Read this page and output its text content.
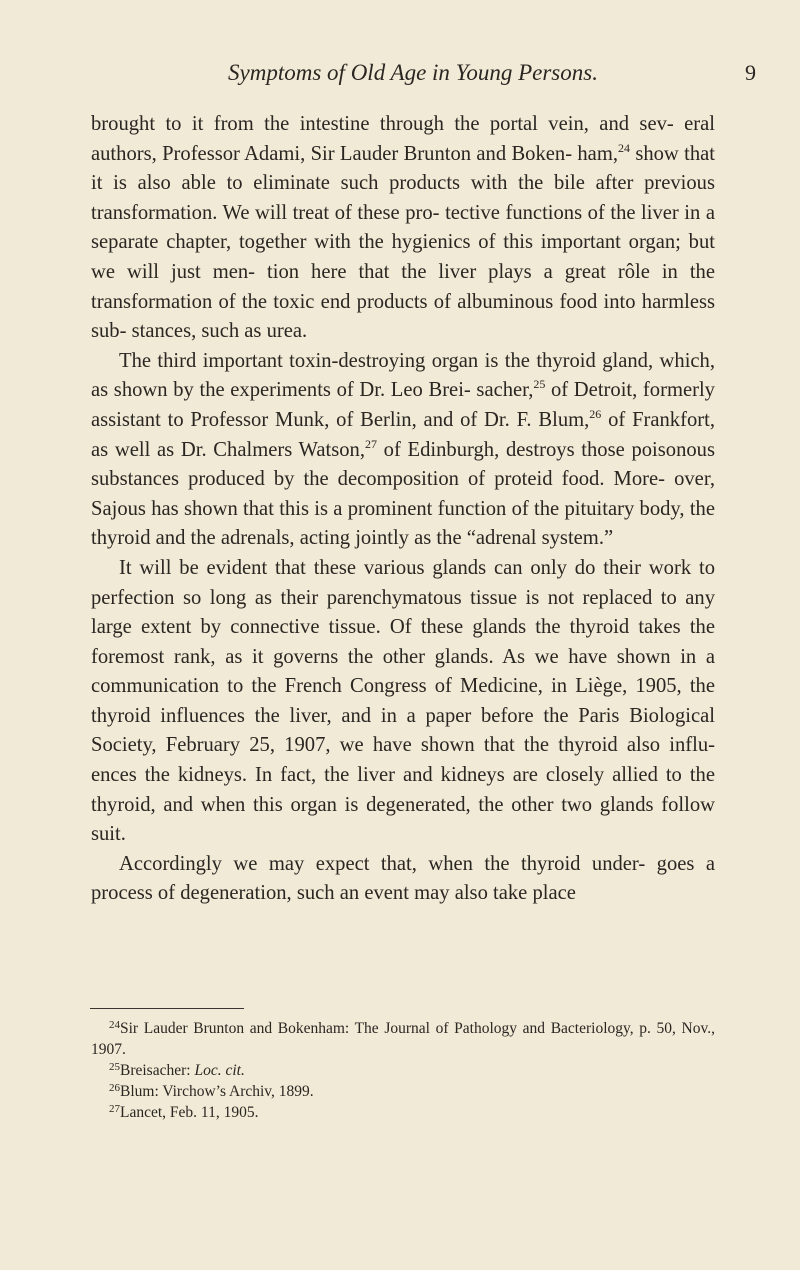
Symptoms of Old Age in Young Persons.	9

brought to it from the intestine through the portal vein, and sev- eral authors, Professor Adami, Sir Lauder Brunton and Boken- ham,$^{24}$ show that it is also able to eliminate such products with the bile after previous transformation. We will treat of these pro- tective functions of the liver in a separate chapter, together with the hygienics of this important organ; but we will just men- tion here that the liver plays a great rôle in the transformation of the toxic end products of albuminous food into harmless sub- stances, such as urea.

The third important toxin-destroying organ is the thyroid gland, which, as shown by the experiments of Dr. Leo Brei- sacher,$^{25}$ of Detroit, formerly assistant to Professor Munk, of Berlin, and of Dr. F. Blum,$^{26}$ of Frankfort, as well as Dr. Chalmers Watson,$^{27}$ of Edinburgh, destroys those poisonous substances produced by the decomposition of proteid food. More- over, Sajous has shown that this is a prominent function of the pituitary body, the thyroid and the adrenals, acting jointly as the “adrenal system.”

It will be evident that these various glands can only do their work to perfection so long as their parenchymatous tissue is not replaced to any large extent by connective tissue. Of these glands the thyroid takes the foremost rank, as it governs the other glands. As we have shown in a communication to the French Congress of Medicine, in Liège, 1905, the thyroid influences the liver, and in a paper before the Paris Biological Society, February 25, 1907, we have shown that the thyroid also influ- ences the kidneys. In fact, the liver and kidneys are closely allied to the thyroid, and when this organ is degenerated, the other two glands follow suit.

Accordingly we may expect that, when the thyroid under- goes a process of degeneration, such an event may also take place

$^{24}$Sir Lauder Brunton and Bokenham: The Journal of Pathology and Bacteriology, p. 50, Nov., 1907.

$^{25}$Breisacher: Loc. cit.

$^{26}$Blum: Virchow’s Archiv, 1899.

$^{27}$Lancet, Feb. 11, 1905.
